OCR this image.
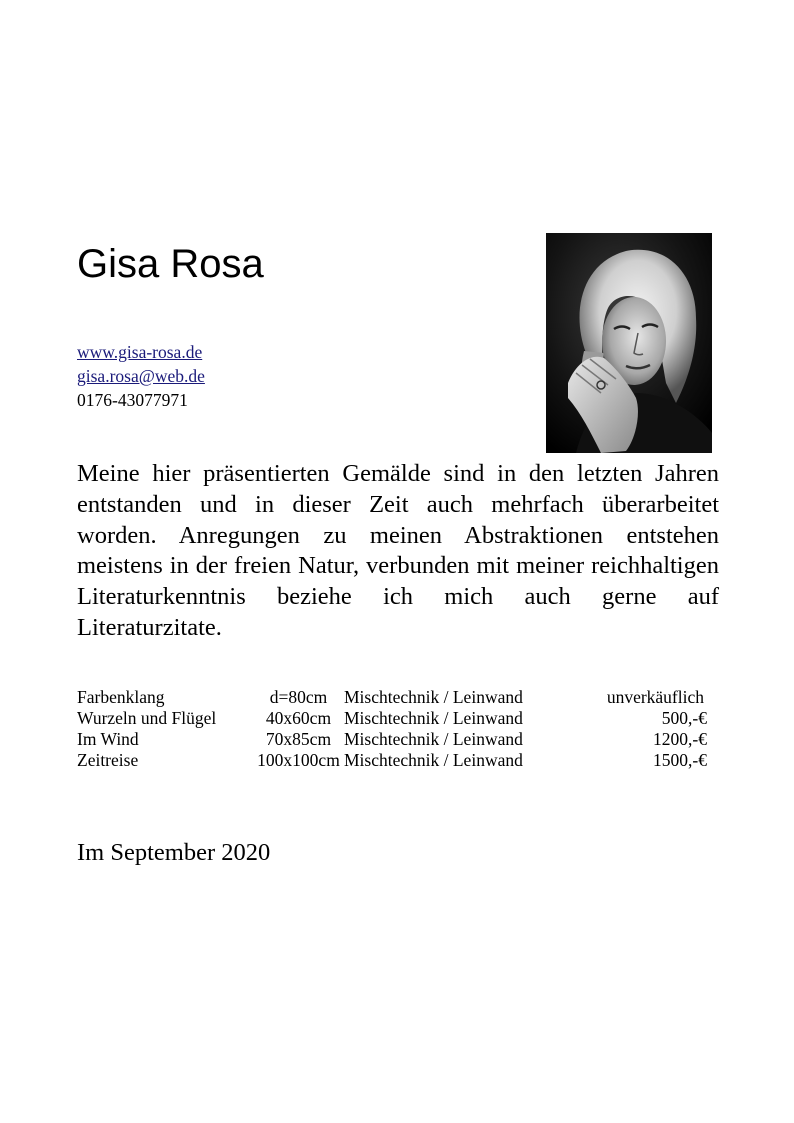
Gisa Rosa
www.gisa-rosa.de
gisa.rosa@web.de
0176-43077971

Meine hier präsentierten Gemälde sind in den letzten Jahren entstanden und in dieser Zeit auch mehrfach überarbeitet worden. Anregungen zu meinen Abstraktionen entstehen meistens in der freien Natur, verbunden mit meiner reichhaltigen Literaturkenntnis beziehe ich mich auch gerne auf Literaturzitate.

Farbenklang	d=80cm	Mischtechnik / Leinwand	unverkäuflich
Wurzeln und Flügel	40x60cm	Mischtechnik / Leinwand	500,-€
Im Wind	70x85cm	Mischtechnik / Leinwand	1200,-€
Zeitreise	100x100cm	Mischtechnik / Leinwand	1500,-€
Im September 2020
